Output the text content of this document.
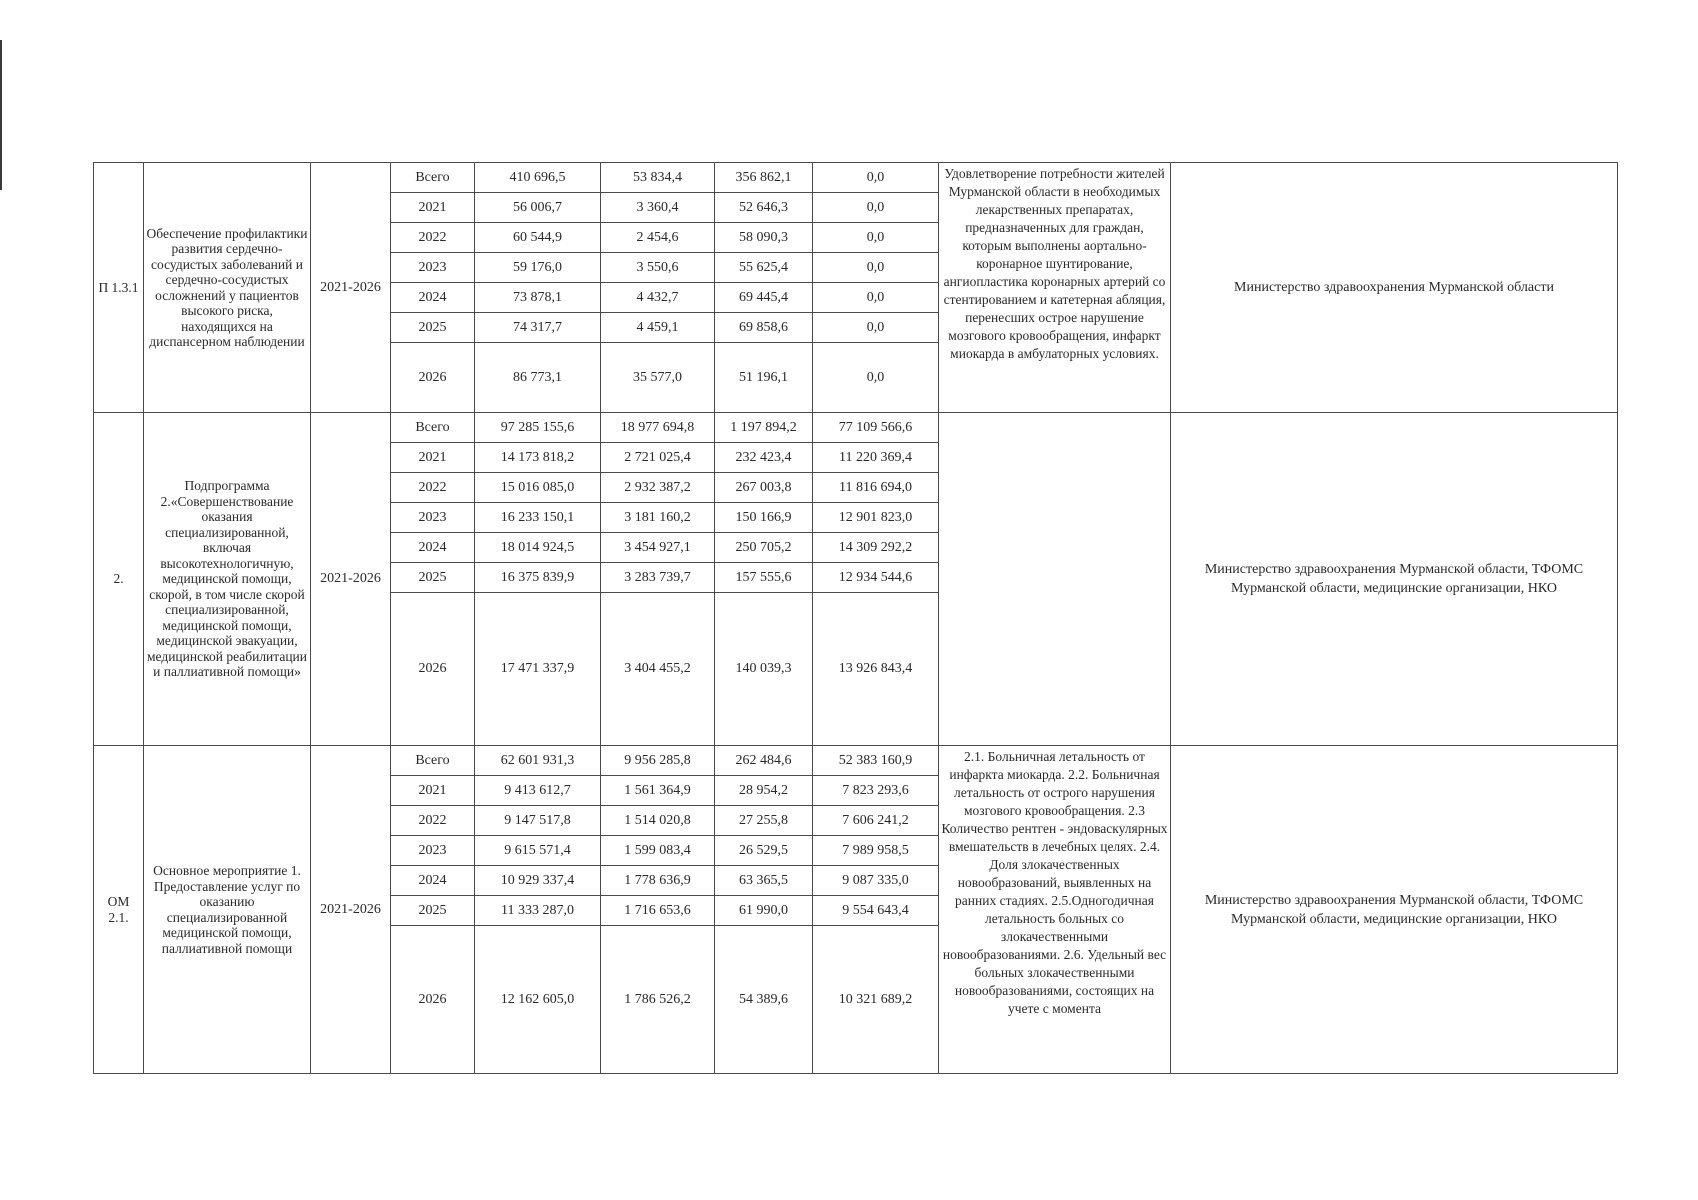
П 1.3.1	Обеспечение профилактики развития сердечно-сосудистых заболеваний и сердечно-сосудистых осложнений у пациентов высокого риска, находящихся на диспансерном наблюдении	2021-2026	Всего	410 696,5	53 834,4	356 862,1	0,0	Удовлетворение потребности жителей Мурманской области в необходимых лекарственных препаратах, предназначенных для граждан, которым выполнены аортально-коронарное шунтирование, ангиопластика коронарных артерий со стентированием и катетерная абляция, перенесших острое нарушение мозгового кровообращения, инфаркт миокарда в амбулаторных условиях.	Министерство здравоохранения Мурманской области
			2021	56 006,7	3 360,4	52 646,3	0,0		
			2022	60 544,9	2 454,6	58 090,3	0,0		
			2023	59 176,0	3 550,6	55 625,4	0,0		
			2024	73 878,1	4 432,7	69 445,4	0,0		
			2025	74 317,7	4 459,1	69 858,6	0,0		
			2026	86 773,1	35 577,0	51 196,1	0,0		
2.	Подпрограмма 2.«Совершенствование оказания специализированной, включая высокотехнологичную, медицинской помощи, скорой, в том числе скорой специализированной, медицинской помощи, медицинской эвакуации, медицинской реабилитации и паллиативной помощи»	2021-2026	Всего	97 285 155,6	18 977 694,8	1 197 894,2	77 109 566,6		Министерство здравоохранения Мурманской области, ТФОМС Мурманской области, медицинские организации, НКО
			2021	14 173 818,2	2 721 025,4	232 423,4	11 220 369,4		
			2022	15 016 085,0	2 932 387,2	267 003,8	11 816 694,0		
			2023	16 233 150,1	3 181 160,2	150 166,9	12 901 823,0		
			2024	18 014 924,5	3 454 927,1	250 705,2	14 309 292,2		
			2025	16 375 839,9	3 283 739,7	157 555,6	12 934 544,6		
			2026	17 471 337,9	3 404 455,2	140 039,3	13 926 843,4		
ОМ 2.1.	Основное мероприятие 1. Предоставление услуг по оказанию специализированной медицинской помощи, паллиативной помощи	2021-2026	Всего	62 601 931,3	9 956 285,8	262 484,6	52 383 160,9	2.1. Больничная летальность от инфаркта миокарда. 2.2. Больничная летальность от острого нарушения мозгового кровообращения. 2.3 Количество рентген - эндоваскулярных вмешательств в лечебных целях. 2.4. Доля злокачественных новообразований, выявленных на ранних стадиях. 2.5.Одногодичная летальность больных со злокачественными новообразованиями. 2.6. Удельный вес больных злокачественными новообразованиями, состоящих на учете с момента	Министерство здравоохранения Мурманской области, ТФОМС Мурманской области, медицинские организации, НКО
			2021	9 413 612,7	1 561 364,9	28 954,2	7 823 293,6		
			2022	9 147 517,8	1 514 020,8	27 255,8	7 606 241,2		
			2023	9 615 571,4	1 599 083,4	26 529,5	7 989 958,5		
			2024	10 929 337,4	1 778 636,9	63 365,5	9 087 335,0		
			2025	11 333 287,0	1 716 653,6	61 990,0	9 554 643,4		
			2026	12 162 605,0	1 786 526,2	54 389,6	10 321 689,2		
